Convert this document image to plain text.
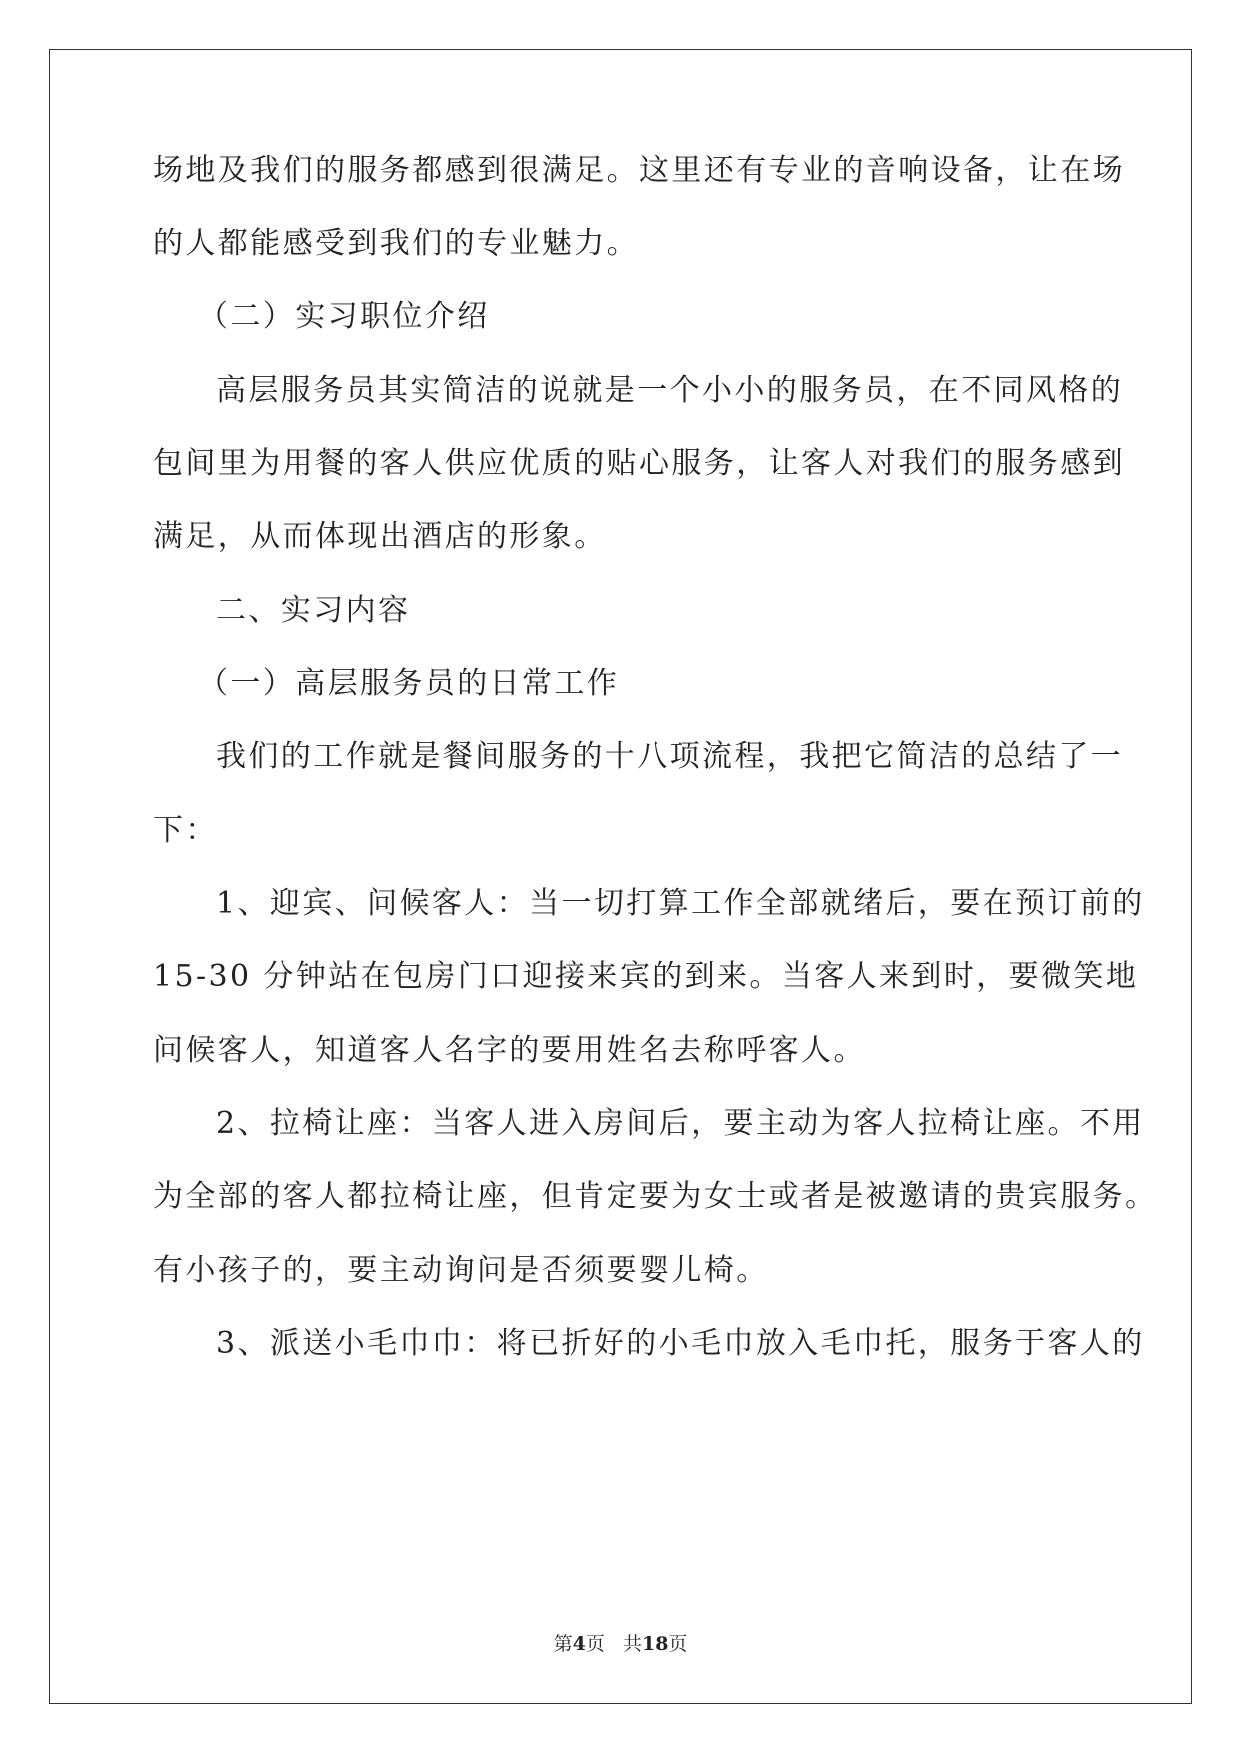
场地及我们的服务都感到很满足。这里还有专业的音响设备，让在场

的人都能感受到我们的专业魅力。

（二）实习职位介绍

高层服务员其实简洁的说就是一个小小的服务员，在不同风格的

包间里为用餐的客人供应优质的贴心服务，让客人对我们的服务感到

满足，从而体现出酒店的形象。

二、实习内容

（一）高层服务员的日常工作

我们的工作就是餐间服务的十八项流程，我把它简洁的总结了一

下：

1、迎宾、问候客人：当一切打算工作全部就绪后，要在预订前的

15-30 分钟站在包房门口迎接来宾的到来。当客人来到时，要微笑地

问候客人，知道客人名字的要用姓名去称呼客人。

2、拉椅让座：当客人进入房间后，要主动为客人拉椅让座。不用

为全部的客人都拉椅让座，但肯定要为女士或者是被邀请的贵宾服务。

有小孩子的，要主动询问是否须要婴儿椅。

3、派送小毛巾巾：将已折好的小毛巾放入毛巾托，服务于客人的

第4页 共18页
